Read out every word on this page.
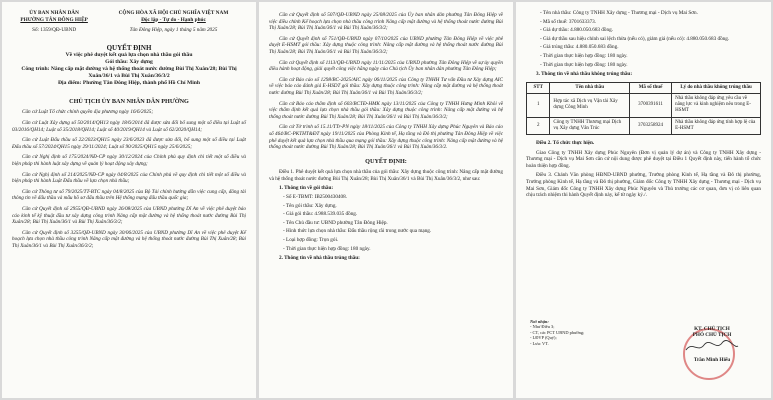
ỦY BAN NHÂN DÂN
PHƯỜNG TÂN ĐÔNG HIỆP
CỘNG HÒA XÃ HỘI CHỦ NGHĨA VIỆT NAM
Độc lập - Tự do - Hạnh phúc
Số: 1359/QĐ-UBND	Tân Đông Hiệp, ngày 1 tháng 5 năm 2025
QUYẾT ĐỊNH
Về việc phê duyệt kết quả lựa chọn nhà thầu gói thầu
Gói thầu: Xây dựng
Công trình: Nâng cấp mặt đường và hệ thống thoát nước đường Bùi Thị Xuân/28; Bùi Thị Xuân/36/1 và Bùi Thị Xuân/36/3/2
Địa điểm: Phường Tân Đông Hiệp, thành phố Hồ Chí Minh
CHỦ TỊCH ỦY BAN NHÂN DÂN PHƯỜNG
Căn cứ Luật Tổ chức chính quyền địa phương ngày 16/6/2025;
Căn cứ Luật Xây dựng số 50/2014/QH13 ngày 18/6/2014 đã được sửa đổi bổ sung một số điều tại Luật số 03/2016/QH14; Luật số 35/2018/QH14; Luật số 40/2019/QH14 và Luật số 62/2020/QH14;
Căn cứ Luật Đấu thầu số 22/2023/QH15 ngày 23/6/2023 đã được sửa đổi, bổ sung một số điều tại Luật Đấu thầu số 57/2024/QH15 ngày 29/11/2024; Luật số 90/2025/QH15 ngày 25/6/2025;
Căn cứ Nghị định số 175/2024/NĐ-CP ngày 30/12/2024 của Chính phủ quy định chi tiết một số điều và biện pháp thi hành luật xây dựng về quản lý hoạt động xây dựng;
Căn cứ Nghị định số 214/2025/NĐ-CP ngày 04/8/2025 của Chính phủ về quy định chi tiết một số điều và biện pháp thi hành Luật Đấu thầu về lựa chọn nhà thầu;
Căn cứ Thông tư số 79/2025/TT-BTC ngày 04/8/2025 của Bộ Tài chính hướng dẫn việc cung cấp, đăng tải thông tin về đấu thầu và mẫu hồ sơ đấu thầu trên Hệ thống mạng đấu thầu quốc gia;
Căn cứ Quyết định số 2955/QĐ-UBND ngày 26/08/2025 của UBND phường Dĩ An về việc phê duyệt báo cáo kinh tế kỹ thuật đầu tư xây dựng công trình Nâng cấp mặt đường và hệ thống thoát nước đường Bùi Thị Xuân/28; Bùi Thị Xuân/36/1 và Bùi Thị Xuân/36/3/2;
Căn cứ Quyết định số 3255/QĐ-UBND ngày 30/06/2025 của UBND phường Dĩ An về việc phê duyệt Kế hoạch lựa chọn nhà thầu công trình Nâng cấp mặt đường và hệ thống thoát nước đường Bùi Thị Xuân/28; Bùi Thị Xuân/36/1 và Bùi Thị Xuân/36/3/2;
Căn cứ Quyết định số 507/QĐ-UBND ngày 25/08/2025 của Ủy ban nhân dân phường Tân Đông Hiệp về việc điều chỉnh Kế hoạch lựa chọn nhà thầu công trình Nâng cấp mặt đường và hệ thống thoát nước đường Bùi Thị Xuân/28; Bùi Thị Xuân/36/1 và Bùi Thị Xuân/36/3/2;
Căn cứ Quyết định số 751/QĐ-UBND ngày 07/10/2025 của UBND phường Tân Đông Hiệp về việc phê duyệt E-HSMT gói thầu: Xây dựng thuộc công trình: Nâng cấp mặt đường và hệ thống thoát nước đường Bùi Thị Xuân/28; Bùi Thị Xuân/36/1 và Bùi Thị Xuân/36/3/2;
Căn cứ Quyết định số 1113/QĐ-UBND ngày 11/11/2025 của UBND phường Tân Đông Hiệp về sự ủy quyền điều hành hoạt động, giải quyết công việc hằng ngày của Chủ tịch Ủy ban nhân dân phường Tân Đông Hiệp;
Căn cứ Báo cáo số 1298/BC-2025/AIC ngày 06/11/2025 của Công ty TNHH Tư vấn Đầu tư Xây dựng AIC về việc báo cáo đánh giá E-HSDT gói thầu: Xây dựng thuộc công trình: Nâng cấp mặt đường và hệ thống thoát nước đường Bùi Thị Xuân/28; Bùi Thị Xuân/36/1 và Bùi Thị Xuân/36/3/2;
Căn cứ Báo cáo thẩm định số 603/BCTĐ-HMK ngày 13/11/2025 của Công ty TNHH Hưng Minh Khôi về việc thẩm định kết quả lựa chọn nhà thầu gói thầu: Xây dựng thuộc công trình: Nâng cấp mặt đường và hệ thống thoát nước đường Bùi Thị Xuân/28; Bùi Thị Xuân/36/1 và Bùi Thị Xuân/36/3/2;
Căn cứ Tờ trình số 15.11/TTr-PN ngày 18/11/2025 của Công ty TNHH Xây dựng Phúc Nguyên và Báo cáo số 464/BC-PKTHT&ĐT ngày 19/11/2025 của Phòng Kinh tế, Hạ tầng và Đô thị phường Tân Đông Hiệp về việc phê duyệt kết quả lựa chọn nhà thầu qua mạng gói thầu: Xây dựng thuộc công trình: Nâng cấp mặt đường và hệ thống thoát nước đường Bùi Thị Xuân/28; Bùi Thị Xuân/36/1 và Bùi Thị Xuân/36/3/2.
QUYẾT ĐỊNH:
Điều 1. Phê duyệt kết quả lựa chọn nhà thầu của gói thầu: Xây dựng thuộc công trình: Nâng cấp mặt đường và hệ thống thoát nước đường Bùi Thị Xuân/28; Bùi Thị Xuân/36/1 và Bùi Thị Xuân/36/3/2, như sau:
1. Thông tin về gói thầu:
- Số E-TBMT: IB2500430408.
- Tên gói thầu: Xây dựng.
- Giá gói thầu: 4.988.539.035 đồng.
- Tên Chủ đầu tư: UBND phường Tân Đông Hiệp.
- Hình thức lựa chọn nhà thầu: Đấu thầu rộng rãi trong nước qua mạng.
- Loại hợp đồng: Trọn gói.
- Thời gian thực hiện hợp đồng: 180 ngày.
2. Thông tin về nhà thầu trúng thầu:
- Tên nhà thầu: Công ty TNHH Xây dựng - Thương mại - Dịch vụ Mai Sơn.
- Mã số thuế: 3701633373.
- Giá dự thầu: 4.880.050.683 đồng.
- Giá dự thầu sau hiệu chỉnh sai lệch thừa (nếu có), giảm giá (nếu có): 4.880.050.683 đồng.
- Giá trúng thầu: 4.880.050.683 đồng.
- Thời gian thực hiện hợp đồng: 180 ngày.
- Thời gian thực hiện hợp đồng: 180 ngày.
3. Thông tin về nhà thầu không trúng thầu:
STT	Tên nhà thầu	Mã số thuế	Lý do nhà thầu không trúng thầu
1	Hợp tác xã Dịch vụ Vận tải Xây dựng Công Minh	3700391611	Nhà thầu không đáp ứng yêu cầu về năng lực và kinh nghiệm nêu trong E-HSMT
2	Công ty TNHH Thương mại Dịch vụ Xây dựng Vân Trúc	3703258924	Nhà thầu không đáp ứng tính hợp lệ của E-HSMT
Điều 2. Tổ chức thực hiện.
Giao Công ty TNHH Xây dựng Phúc Nguyên (Đơn vị quản lý dự án) và Công ty TNHH Xây dựng - Thương mại - Dịch vụ Mai Sơn căn cứ nội dung được phê duyệt tại Điều 1 Quyết định này, tiến hành tổ chức hoàn thiện hợp đồng.
Điều 3. Chánh Văn phòng HĐND-UBND phường, Trưởng phòng Kinh tế, Hạ tầng và Đô thị phường, Trưởng phòng Kinh tế, Hạ tầng và Đô thị phường, Giám đốc Công ty TNHH Xây dựng - Thương mại - Dịch vụ Mai Sơn, Giám đốc Công ty TNHH Xây dựng Phúc Nguyên và Thủ trưởng các cơ quan, đơn vị có liên quan chịu trách nhiệm thi hành Quyết định này, kể từ ngày ký./.
Nơi nhận:
- Như Điều 3;
- CT, các PCT UBND phường;
- LĐVP (Quý);
- Lưu: VT.
KT. CHỦ TỊCH
PHÓ CHỦ TỊCH
Trần Minh Hiếu
